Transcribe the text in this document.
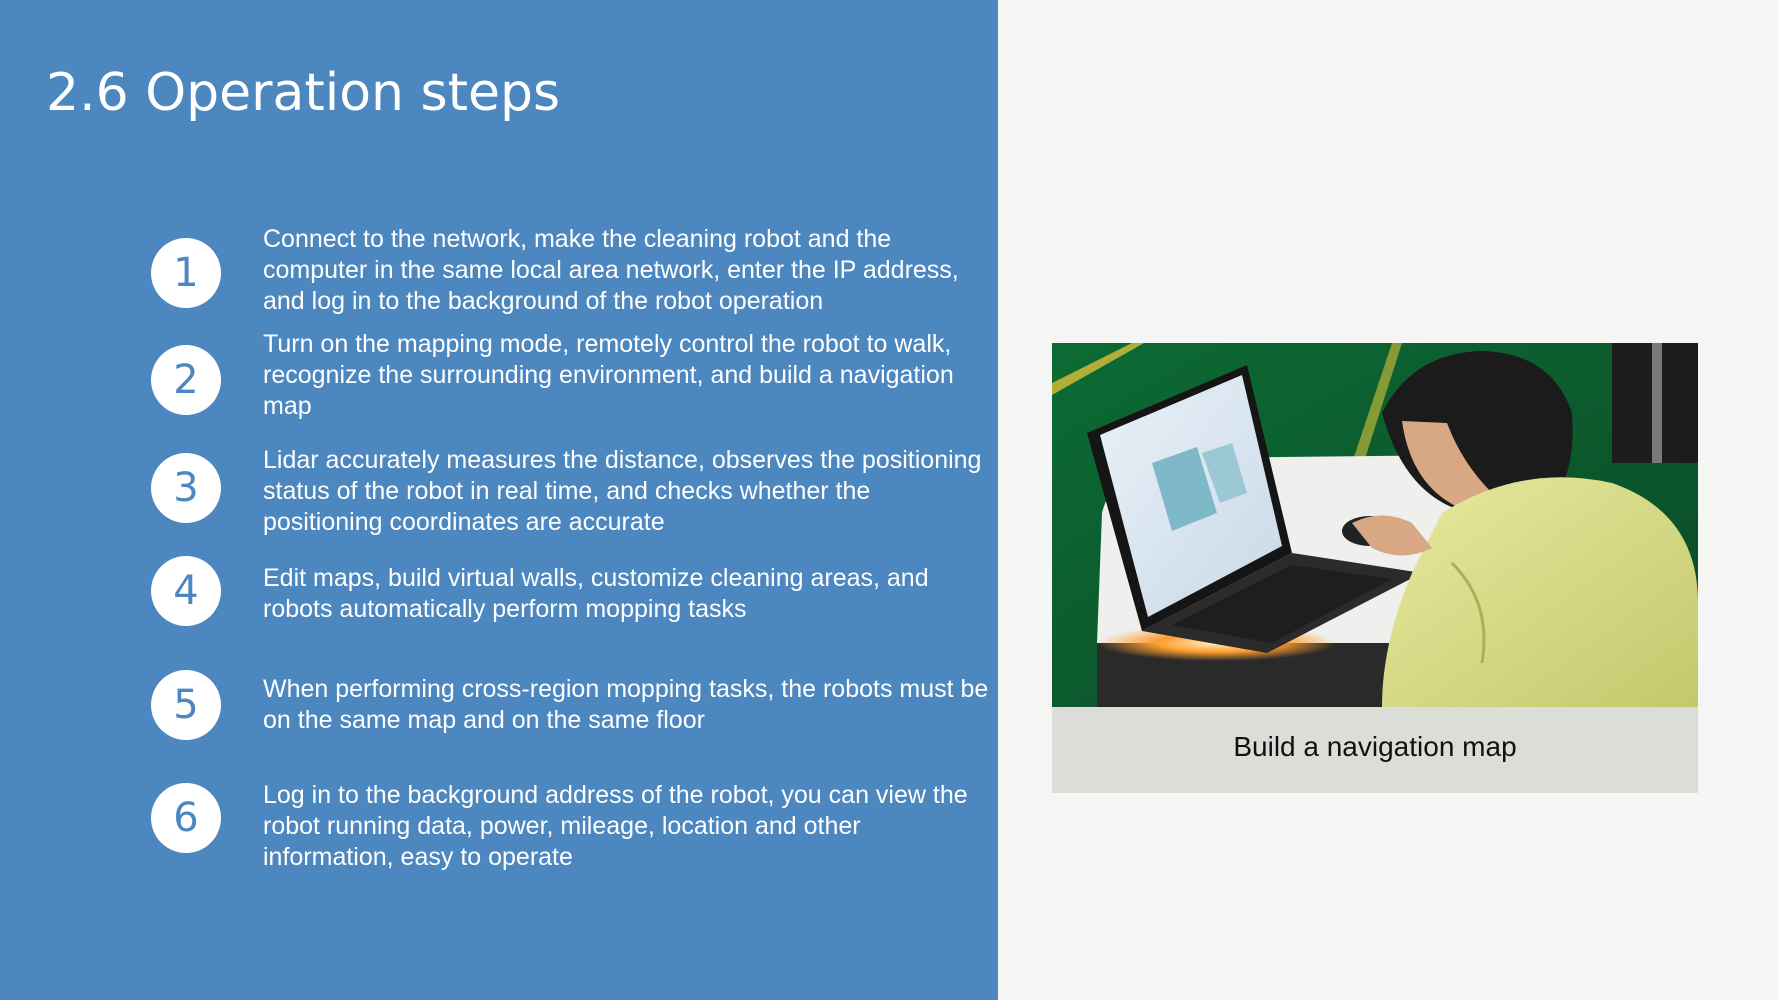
2.6 Operation steps
1

Connect to the network, make the cleaning robot and the computer in the same local area network, enter the IP address, and log in to the background of the robot operation

2

Turn on the mapping mode, remotely control the robot to walk, recognize the surrounding environment, and build a navigation map

3

Lidar accurately measures the distance, observes the positioning status of the robot in real time, and checks whether the positioning coordinates are accurate

4	Edit maps, build virtual walls, customize cleaning areas, and robots automatically perform mopping tasks

5	When performing cross-region mopping tasks, the robots must be on the same map and on the same floor

6	Log in to the background address of the robot, you can view the robot running data, power, mileage, location and other information, easy to operate

Build a navigation map
